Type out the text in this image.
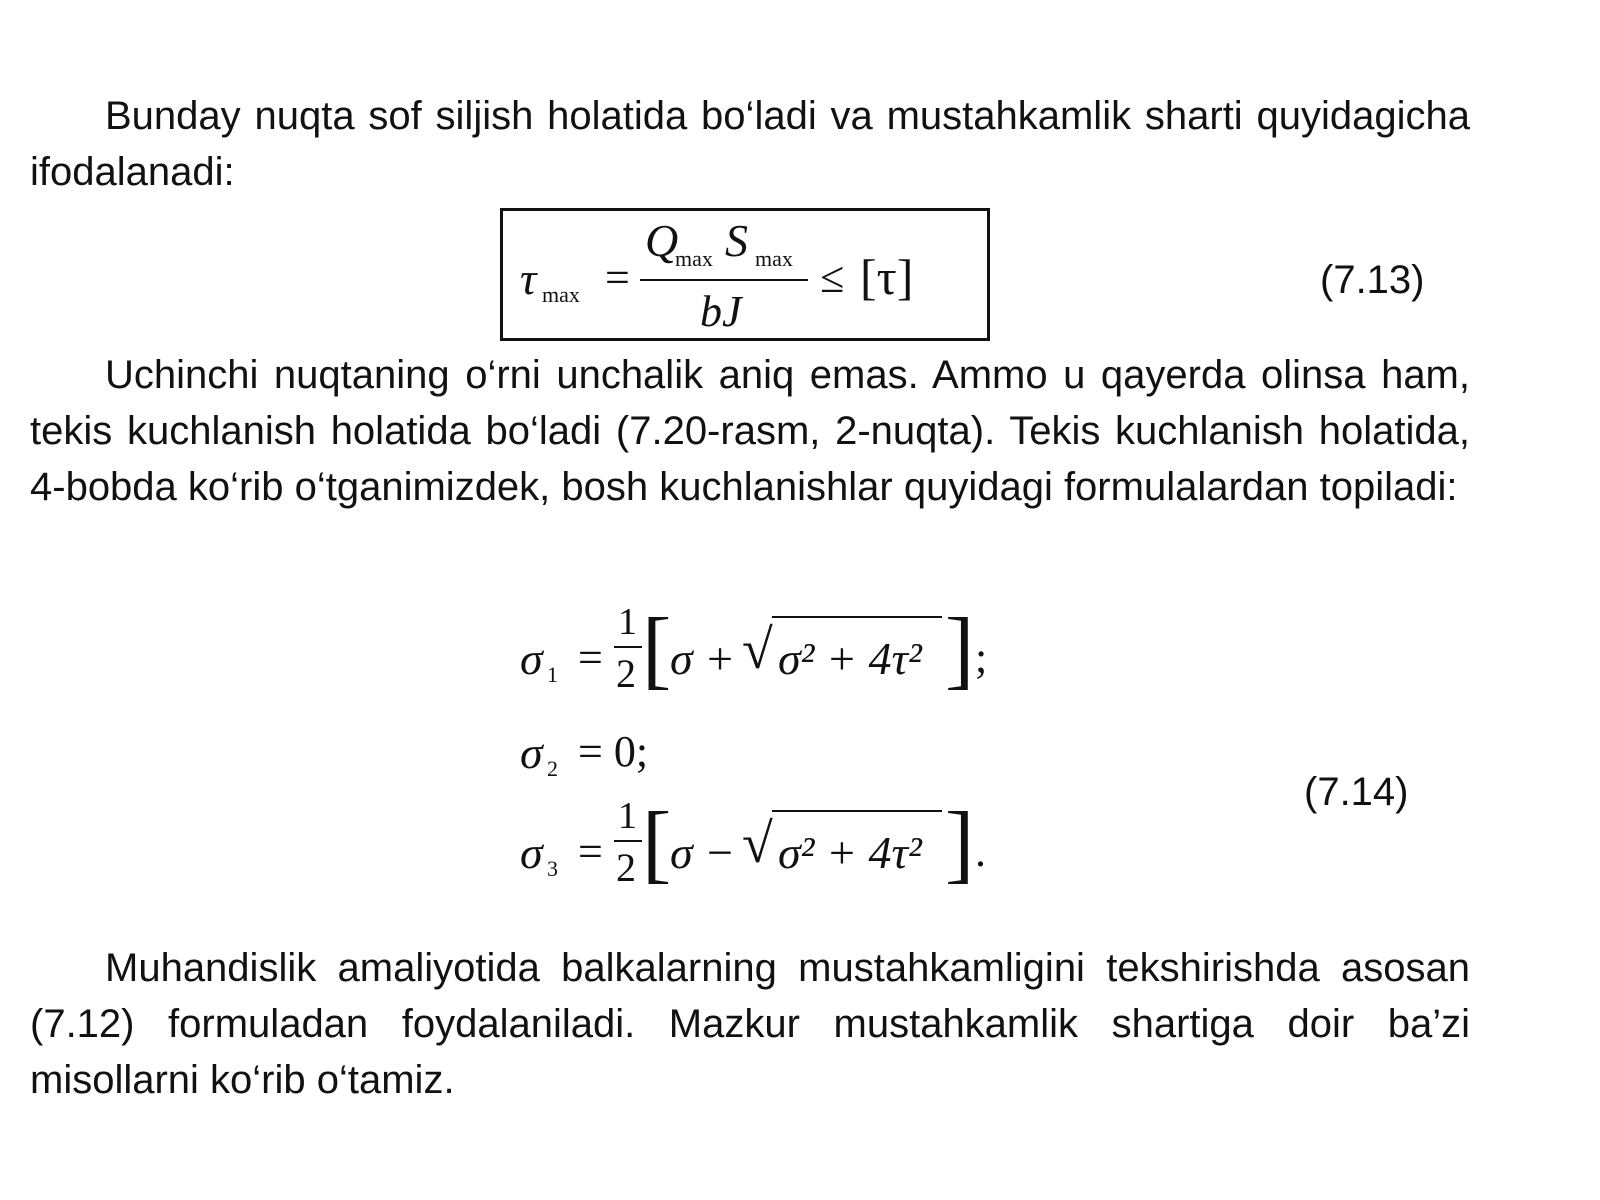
Bunday nuqta sof siljish holatida bo‘ladi va mustahkamlik sharti quyidagicha ifodalanadi:

τ max =
Q
max S max
bJ
≤ [τ]	(7.13)

Uchinchi nuqtaning o‘rni unchalik aniq emas. Ammo u qayerda olinsa ham, tekis kuchlanish holatida bo‘ladi (7.20-rasm, 2-nuqta). Tekis kuchlanish holatida, 4-bobda ko‘rib o‘tganimizdek, bosh kuchlanishlar quyidagi formulalardan topiladi:

σ 1 =
1
2 [
σ + √ σ² + 4τ² ] ;
σ 2 = 0;
σ 3 =
1
2 [
σ − √ σ² + 4τ² ] .
(7.14)

Muhandislik amaliyotida balkalarning mustahkamligini tekshirishda asosan (7.12) formuladan foydalaniladi. Mazkur mustahkamlik shartiga doir ba’zi misollarni ko‘rib o‘tamiz.
